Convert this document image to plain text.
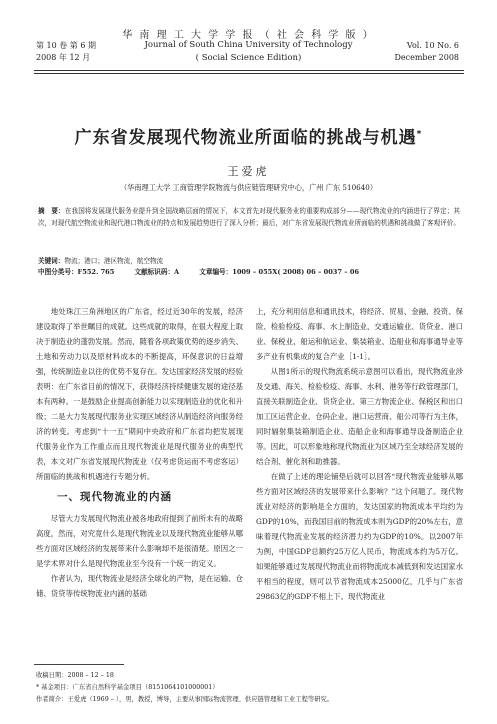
华 南 理 工 大 学 学 报 （ 社 会 科 学 版 ）
Journal of South China University of Technology
( Social Science Edition)
第 10 卷 第 6 期
2008 年 12 月
Vol. 10 No. 6
December 2008
广东省发展现代物流业所面临的挑战与机遇*
王爱虎
（华南理工大学 工商管理学院物流与供应链管理研究中心，广州 广东 510640）
摘　要：在我国将发展现代服务业提升到全国战略层面的情况下，本文首先对现代服务业的重要构成部分——现代物流业的内涵进行了界定；其次，对现代航空物流业和现代港口物流业的特点和发展趋势进行了深入分析；最后，对广东省发展现代物流业所面临的机遇和挑战做了客观评价。
关键词：物流；港口；港区物流，航空物流
中图分类号：F552. 765	文献标识码：A	文章编号：1009 – 055X( 2008) 06 – 0037 – 06

地处珠江三角洲地区的广东省，经过近30年的发展，经济建设取得了举世瞩目的成就。这些成就的取得，在很大程度上取决于制造业的蓬勃发展。然而，随着各项政策优势的逐步消失、土地和劳动力以及原材料成本的不断提高，环保意识的日益增强，传统制造业以往的优势不复存在。发达国家经济发展的经验表明：在广东省目前的情况下，获得经济持续健康发展的途径基本有两种。一是鼓励企业提高创新能力以实现制造业的优化和升级；二是大力发展现代服务业实现区域经济从制造经济向服务经济的转变。考虑到“十一五”期间中央政府和广东省均把发展现代服务业作为工作重点而且现代物流业是现代服务业的典型代表，本文对广东省发展现代物流业（仅考虑货运而不考虑客运）所面临的挑战和机遇进行专题分析。

一、现代物流业的内涵

尽管大力发展现代物流业被各地政府提到了前所未有的战略高度，然而，对究竟什么是现代物流业以及现代物流业能够从哪些方面对区域经济的发展带来什么影响却不是很清楚。原因之一是学术界对什么是现代物流业至今没有一个统一的定义。

作者认为，现代物流业是经济全球化的产物，是在运输、仓储、货贷等传统物流业内涵的基础

上，充分利用信息和通讯技术，将经济、贸易、金融、投资、保险、检验检疫、海事、水上制造业、交通运输业、货贷业、港口业、保税业、船运和航运业、集装箱业、造船业和海事通导业等多产业有机集成的复合产业［1-1］。

从图1所示的现代物流系统示意图可以看出，现代物流业涉及交通、海关、检验检疫、海事、水利、港务等行政管理部门，直接关联制造企业、货贷企业、第三方物流企业、保税区和出口加工区运营企业、仓码企业、港口运营商、船公司等行为主体，同时辐射集装箱制造企业、造船企业和海事通导设备制造企业等。因此，可以形象地称现代物流业为区域乃至全球经济发展的结合剂、催化剂和助推器。

在做了上述的理论铺垫后就可以回答“现代物流业能够从哪些方面对区域经济的发展带来什么影响？”这个问题了。现代物流业对经济的影响是全方面的，发达国家的物流成本平均约为GDP的10%，而我国目前的物流成本则为GDP的20%左右，意味着现代物流业发展的经济潜力约为GDP的10%。以2007年为例，中国GDP总额约25万亿人民币，物流成本约为5万亿。如果能够通过发展现代物流业而将物流成本减低到和发达国家水平相当的程度，则可以节省物流成本25000亿，几乎与广东省29863亿的GDP不相上下。现代物流业

收稿日期：2008 – 12 – 18
* 基金项目：广东省自然科学基金项目（8151064101000001）
作者简介：王爱虎（1969 – ），男，教授，博导，主要从事国际物流管理、供应链管理和工业工程等研究。
